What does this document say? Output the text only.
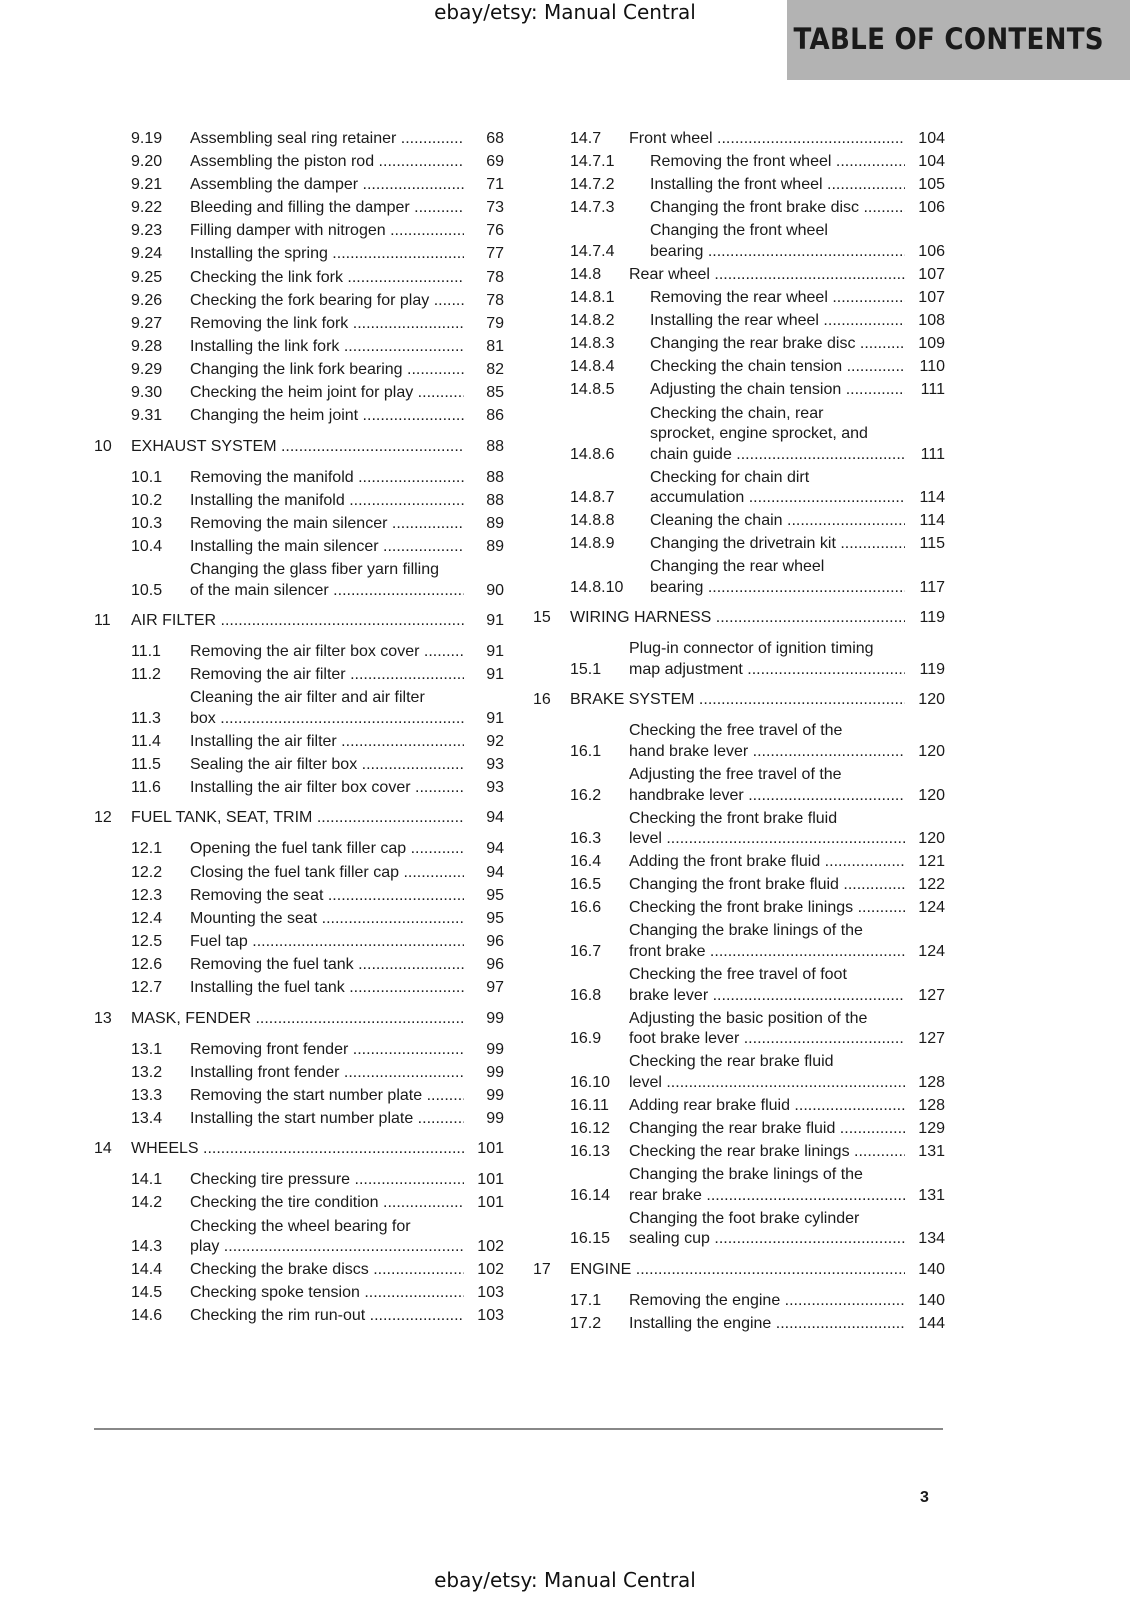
ebay/etsy: Manual Central
TABLE OF CONTENTS
9.19	Assembling seal ring retainer .....	68
9.20	Assembling the piston rod .....	69
9.21	Assembling the damper .....	71
9.22	Bleeding and filling the damper .....	73
9.23	Filling damper with nitrogen .....	76
9.24	Installing the spring .....	77
9.25	Checking the link fork .....	78
9.26	Checking the fork bearing for play .....	78
9.27	Removing the link fork .....	79
9.28	Installing the link fork .....	81
9.29	Changing the link fork bearing .....	82
9.30	Checking the heim joint for play .....	85
9.31	Changing the heim joint .....	86
10	EXHAUST SYSTEM .....	88
10.1	Removing the manifold .....	88
10.2	Installing the manifold .....	88
10.3	Removing the main silencer .....	89
10.4	Installing the main silencer .....	89
10.5
Changing the glass fiber yarn filling
of the main silencer .....	90
11	AIR FILTER .....	91
11.1	Removing the air filter box cover .....	91
11.2	Removing the air filter .....	91
11.3
Cleaning the air filter and air filter
box .....	91
11.4	Installing the air filter .....	92
11.5	Sealing the air filter box .....	93
11.6	Installing the air filter box cover .....	93
12	FUEL TANK, SEAT, TRIM .....	94
12.1	Opening the fuel tank filler cap .....	94
12.2	Closing the fuel tank filler cap .....	94
12.3	Removing the seat .....	95
12.4	Mounting the seat .....	95
12.5	Fuel tap .....	96
12.6	Removing the fuel tank .....	96
12.7	Installing the fuel tank .....	97
13	MASK, FENDER .....	99
13.1	Removing front fender .....	99
13.2	Installing front fender .....	99
13.3	Removing the start number plate .....	99
13.4	Installing the start number plate .....	99
14	WHEELS .....	101
14.1	Checking tire pressure .....	101
14.2	Checking the tire condition .....	101
14.3
Checking the wheel bearing for
play .....	102
14.4	Checking the brake discs .....	102
14.5	Checking spoke tension .....	103
14.6	Checking the rim run-out .....	103
14.7	Front wheel .....	104
14.7.1	Removing the front wheel .....	104
14.7.2	Installing the front wheel .....	105
14.7.3	Changing the front brake disc .....	106
14.7.4
Changing the front wheel
bearing .....	106
14.8	Rear wheel .....	107
14.8.1	Removing the rear wheel .....	107
14.8.2	Installing the rear wheel .....	108
14.8.3	Changing the rear brake disc .....	109
14.8.4	Checking the chain tension .....	110
14.8.5	Adjusting the chain tension .....	111
14.8.6
Checking the chain, rear
sprocket, engine sprocket, and
chain guide .....	111
14.8.7
Checking for chain dirt
accumulation .....	114
14.8.8	Cleaning the chain .....	114
14.8.9	Changing the drivetrain kit .....	115
14.8.10
Changing the rear wheel
bearing .....	117
15	WIRING HARNESS .....	119
15.1
Plug-in connector of ignition timing
map adjustment .....	119
16	BRAKE SYSTEM .....	120
16.1
Checking the free travel of the
hand brake lever .....	120
16.2
Adjusting the free travel of the
handbrake lever .....	120
16.3
Checking the front brake fluid
level .....	120
16.4	Adding the front brake fluid .....	121
16.5	Changing the front brake fluid .....	122
16.6	Checking the front brake linings .....	124
16.7
Changing the brake linings of the
front brake .....	124
16.8
Checking the free travel of foot
brake lever .....	127
16.9
Adjusting the basic position of the
foot brake lever .....	127
16.10
Checking the rear brake fluid
level .....	128
16.11	Adding rear brake fluid .....	128
16.12	Changing the rear brake fluid .....	129
16.13	Checking the rear brake linings .....	131
16.14
Changing the brake linings of the
rear brake .....	131
16.15
Changing the foot brake cylinder
sealing cup .....	134
17	ENGINE .....	140
17.1	Removing the engine .....	140
17.2	Installing the engine .....	144
3
ebay/etsy: Manual Central
